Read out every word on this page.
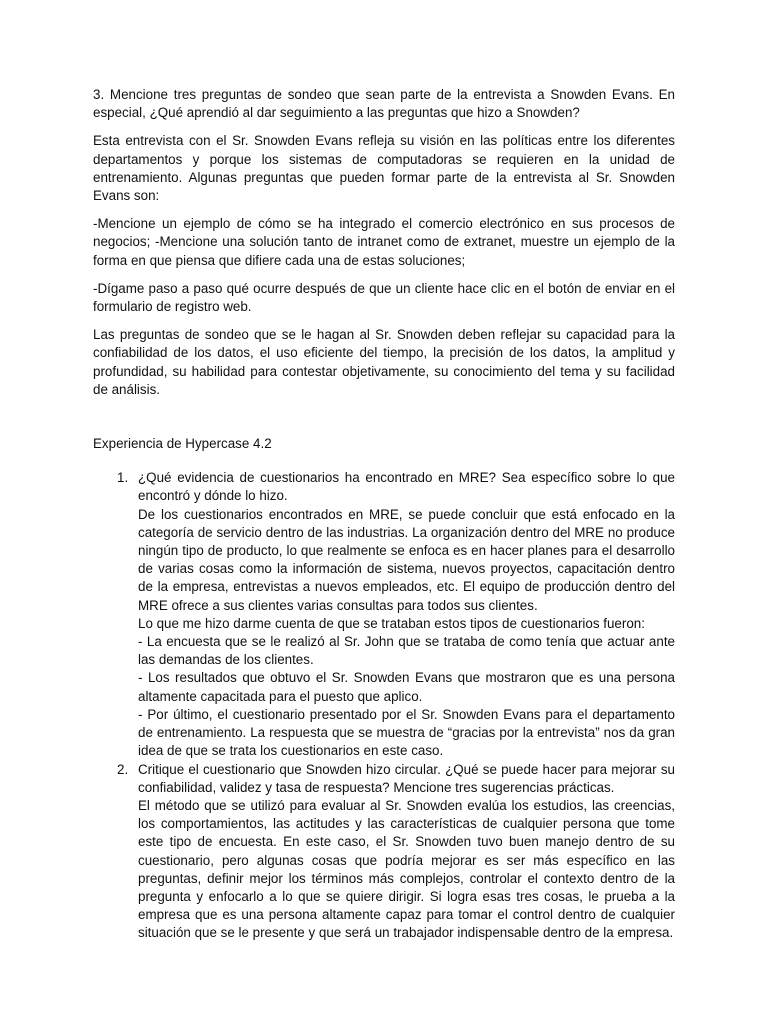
3. Mencione tres preguntas de sondeo que sean parte de la entrevista a Snowden Evans. En especial, ¿Qué aprendió al dar seguimiento a las preguntas que hizo a Snowden?

Esta entrevista con el Sr. Snowden Evans refleja su visión en las políticas entre los diferentes departamentos y porque los sistemas de computadoras se requieren en la unidad de entrenamiento. Algunas preguntas que pueden formar parte de la entrevista al Sr. Snowden Evans son:

-Mencione un ejemplo de cómo se ha integrado el comercio electrónico en sus procesos de negocios; -Mencione una solución tanto de intranet como de extranet, muestre un ejemplo de la forma en que piensa que difiere cada una de estas soluciones;

-Dígame paso a paso qué ocurre después de que un cliente hace clic en el botón de enviar en el formulario de registro web.

Las preguntas de sondeo que se le hagan al Sr. Snowden deben reflejar su capacidad para la confiabilidad de los datos, el uso eficiente del tiempo, la precisión de los datos, la amplitud y profundidad, su habilidad para contestar objetivamente, su conocimiento del tema y su facilidad de análisis.

Experiencia de Hypercase 4.2

1. ¿Qué evidencia de cuestionarios ha encontrado en MRE? Sea específico sobre lo que encontró y dónde lo hizo.
De los cuestionarios encontrados en MRE, se puede concluir que está enfocado en la categoría de servicio dentro de las industrias. La organización dentro del MRE no produce ningún tipo de producto, lo que realmente se enfoca es en hacer planes para el desarrollo de varias cosas como la información de sistema, nuevos proyectos, capacitación dentro de la empresa, entrevistas a nuevos empleados, etc. El equipo de producción dentro del MRE ofrece a sus clientes varias consultas para todos sus clientes.
Lo que me hizo darme cuenta de que se trataban estos tipos de cuestionarios fueron:
- La encuesta que se le realizó al Sr. John que se trataba de como tenía que actuar ante las demandas de los clientes.
- Los resultados que obtuvo el Sr. Snowden Evans que mostraron que es una persona altamente capacitada para el puesto que aplico.
- Por último, el cuestionario presentado por el Sr. Snowden Evans para el departamento de entrenamiento. La respuesta que se muestra de “gracias por la entrevista” nos da gran idea de que se trata los cuestionarios en este caso.
2. Critique el cuestionario que Snowden hizo circular. ¿Qué se puede hacer para mejorar su confiabilidad, validez y tasa de respuesta? Mencione tres sugerencias prácticas.
El método que se utilizó para evaluar al Sr. Snowden evalúa los estudios, las creencias, los comportamientos, las actitudes y las características de cualquier persona que tome este tipo de encuesta. En este caso, el Sr. Snowden tuvo buen manejo dentro de su cuestionario, pero algunas cosas que podría mejorar es ser más específico en las preguntas, definir mejor los términos más complejos, controlar el contexto dentro de la pregunta y enfocarlo a lo que se quiere dirigir. Si logra esas tres cosas, le prueba a la empresa que es una persona altamente capaz para tomar el control dentro de cualquier situación que se le presente y que será un trabajador indispensable dentro de la empresa.
